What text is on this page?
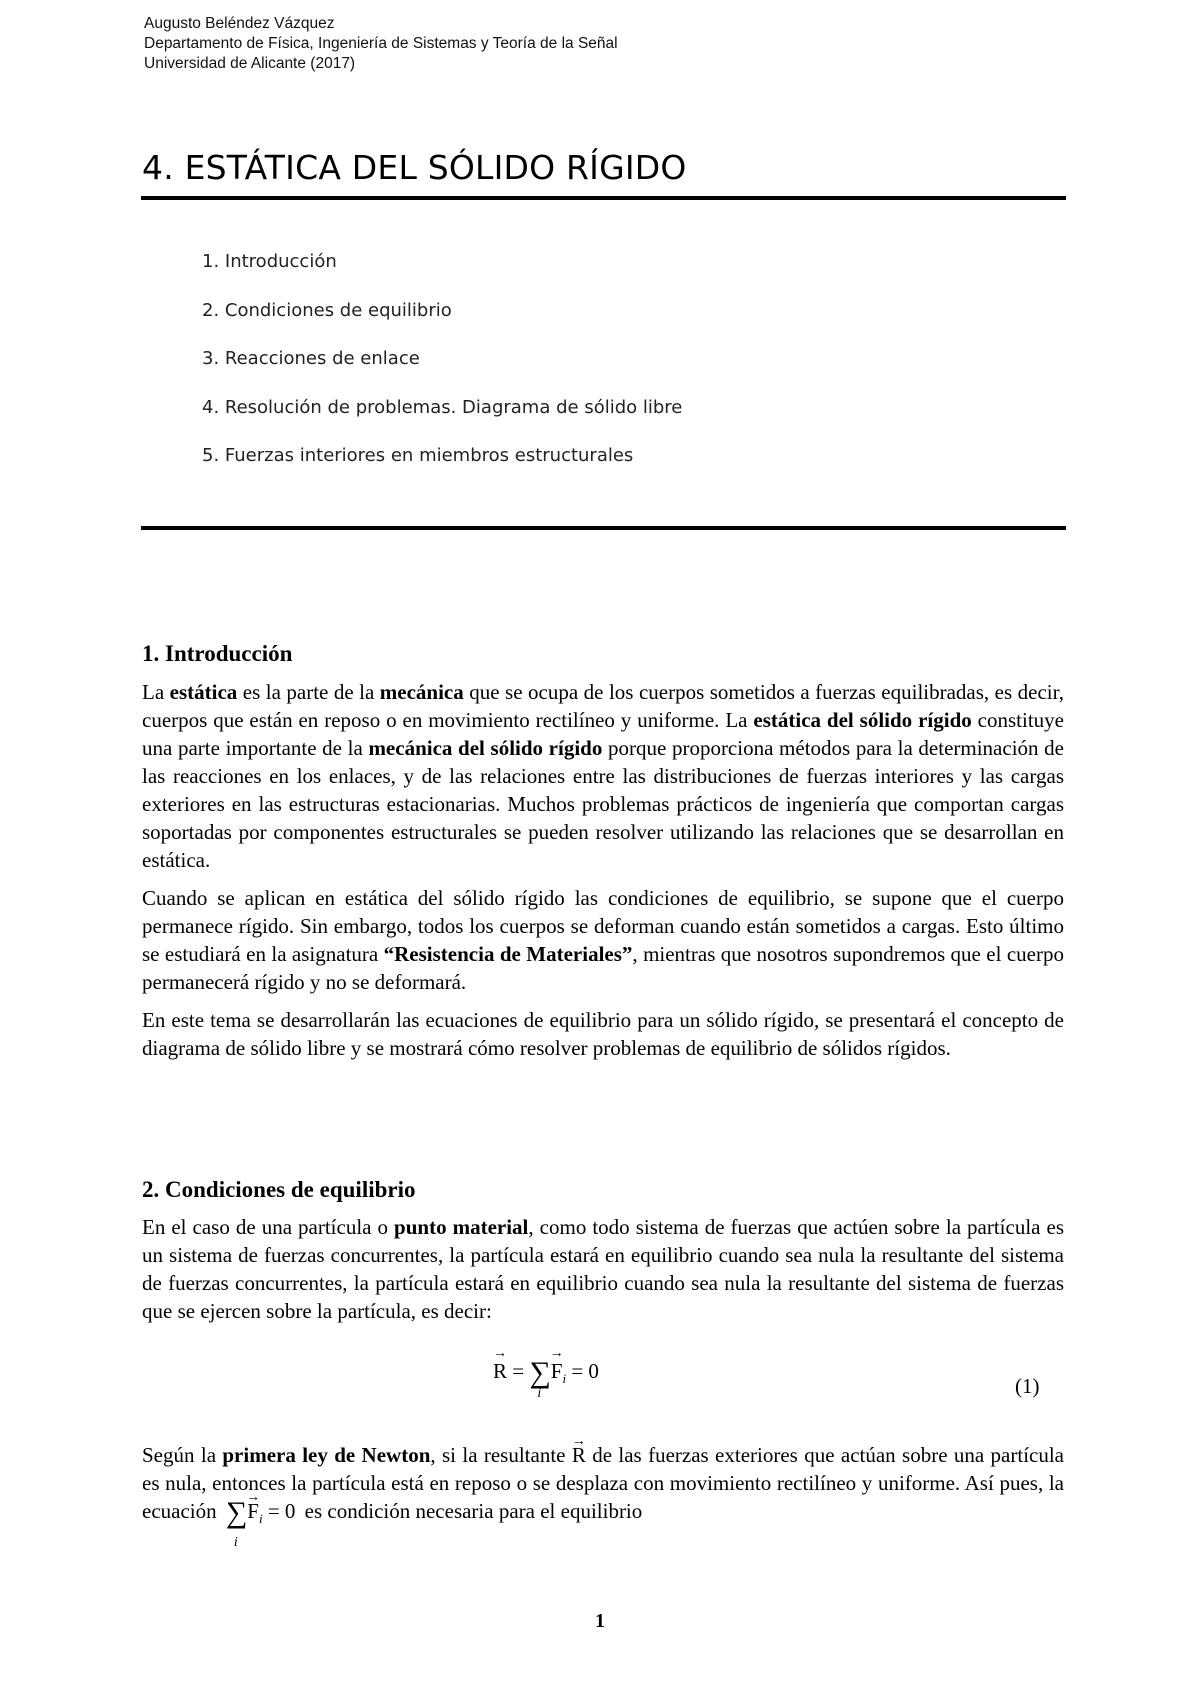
Augusto Beléndez Vázquez
Departamento de Física, Ingeniería de Sistemas y Teoría de la Señal
Universidad de Alicante (2017)
4. ESTÁTICA DEL SÓLIDO RÍGIDO
1. Introducción
2. Condiciones de equilibrio
3. Reacciones de enlace
4. Resolución de problemas. Diagrama de sólido libre
5. Fuerzas interiores en miembros estructurales
1. Introducción

La estática es la parte de la mecánica que se ocupa de los cuerpos sometidos a fuerzas equilibradas, es decir, cuerpos que están en reposo o en movimiento rectilíneo y uniforme. La estática del sólido rígido constituye una parte importante de la mecánica del sólido rígido porque proporciona métodos para la determinación de las reacciones en los enlaces, y de las relaciones entre las distribuciones de fuerzas interiores y las cargas exteriores en las estructuras estacionarias. Muchos problemas prácticos de ingeniería que comportan cargas soportadas por componentes estructurales se pueden resolver utilizando las relaciones que se desarrollan en estática.

Cuando se aplican en estática del sólido rígido las condiciones de equilibrio, se supone que el cuerpo permanece rígido. Sin embargo, todos los cuerpos se deforman cuando están sometidos a cargas. Esto último se estudiará en la asignatura “Resistencia de Materiales”, mientras que nosotros supondremos que el cuerpo permanecerá rígido y no se deformará.

En este tema se desarrollarán las ecuaciones de equilibrio para un sólido rígido, se presentará el concepto de diagrama de sólido libre y se mostrará cómo resolver problemas de equilibrio de sólidos rígidos.

2. Condiciones de equilibrio

En el caso de una partícula o punto material, como todo sistema de fuerzas que actúen sobre la partícula es un sistema de fuerzas concurrentes, la partícula estará en equilibrio cuando sea nula la resultante del sistema de fuerzas concurrentes, la partícula estará en equilibrio cuando sea nula la resultante del sistema de fuerzas que se ejercen sobre la partícula, es decir:

→ R = ∑
i
→ $F_i = 0$
(1)

Según la primera ley de Newton, si la resultante → R de las fuerzas exteriores que actúan sobre una partícula es nula, entonces la partícula está en reposo o se desplaza con movimiento rectilíneo y uniforme. Así pues, la ecuación ∑
i
→ $F_i = 0$ es condición necesaria para el equilibrio

1
